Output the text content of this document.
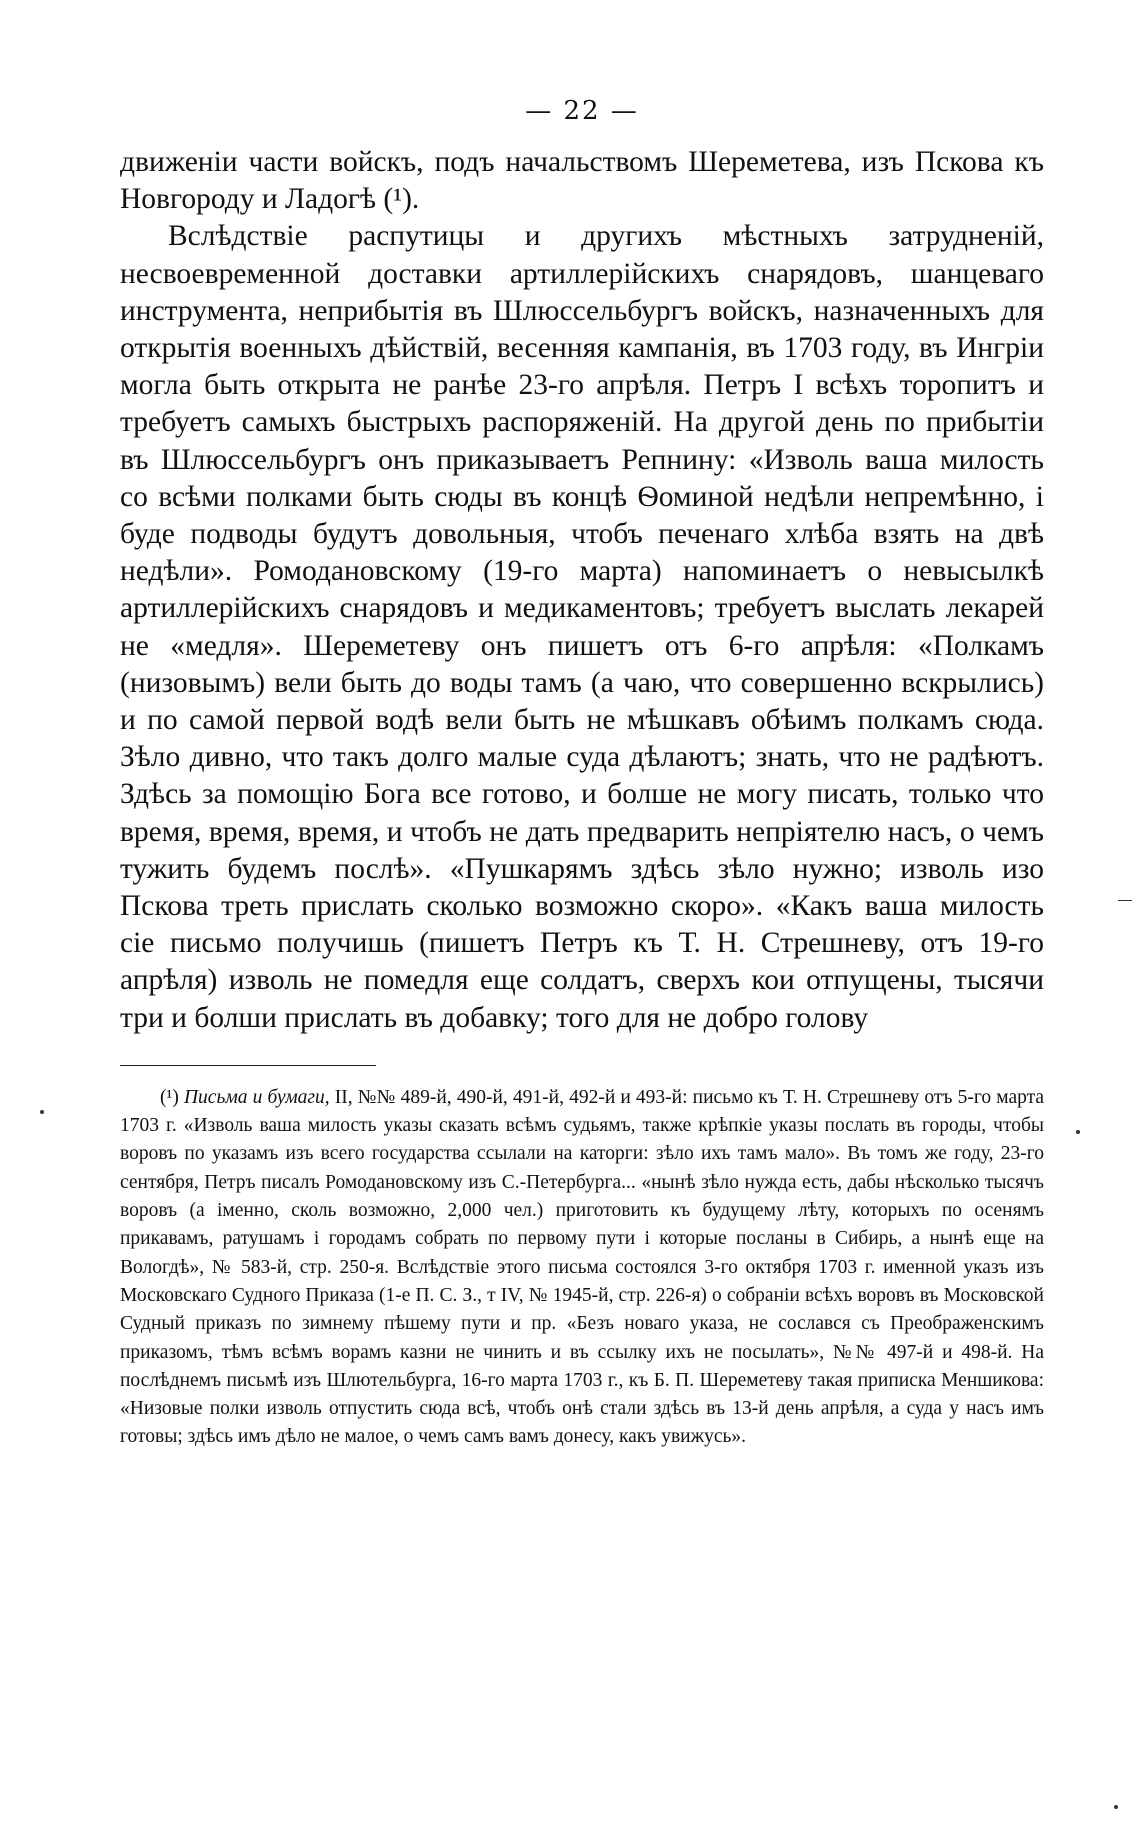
— 22 —

движенiи части войскъ, подъ начальствомъ Шереметева, изъ Пскова къ Новгороду и Ладогѣ (¹).

Вслѣдствiе распутицы и другихъ мѣстныхъ затрудненiй, несвоевременной доставки артиллерiйскихъ снарядовъ, шанцеваго инструмента, неприбытiя въ Шлюссельбургъ войскъ, назначенныхъ для открытiя военныхъ дѣйствiй, весенняя кампанiя, въ 1703 году, въ Ингрiи могла быть открыта не ранѣе 23-го апрѣля. Петръ I всѣхъ торопитъ и требуетъ самыхъ быстрыхъ распоряженiй. На другой день по прибытiи въ Шлюссельбургъ онъ приказываетъ Репнину: «Изволь ваша милость со всѣми полками быть сюды въ концѣ Ѳоминой недѣли непремѣнно, i буде подводы будутъ довольныя, чтобъ печенаго хлѣба взять на двѣ недѣли». Ромодановскому (19-го марта) напоминаетъ о невысылкѣ артиллерiйскихъ снарядовъ и медикаментовъ; требуетъ выслать лекарей не «медля». Шереметеву онъ пишетъ отъ 6-го апрѣля: «Полкамъ (низовымъ) вели быть до воды тамъ (а чаю, что совершенно вскрылись) и по самой первой водѣ вели быть не мѣшкавъ обѣимъ полкамъ сюда. Зѣло дивно, что такъ долго малые суда дѣлаютъ; знать, что не радѣютъ. Здѣсь за помощiю Бога все готово, и болше не могу писать, только что время, время, время, и чтобъ не дать предварить непрiятелю насъ, о чемъ тужить будемъ послѣ». «Пушкарямъ здѣсь зѣло нужно; изволь изо Пскова треть прислать сколько возможно скоро». «Какъ ваша милость сiе письмо получишь (пишетъ Петръ къ Т. Н. Стрешневу, отъ 19-го апрѣля) изволь не помедля еще солдатъ, сверхъ кои отпущены, тысячи три и болши прислать въ добавку; того для не добро голову

(¹) Письма и бумаги, II, №№ 489-й, 490-й, 491-й, 492-й и 493-й: письмо къ Т. Н. Стрешневу отъ 5-го марта 1703 г. «Изволь ваша милость указы сказать всѣмъ судьямъ, также крѣпкiе указы послать въ городы, чтобы воровъ по указамъ изъ всего государства ссылали на каторги: зѣло ихъ тамъ мало». Въ томъ же году, 23-го сентября, Петръ писалъ Ромодановскому изъ С.-Петербурга... «нынѣ зѣло нужда есть, дабы нѣсколько тысячъ воровъ (а iменно, сколь возможно, 2,000 чел.) приготовить къ будущему лѣту, которыхъ по осенямъ прикавамъ, ратушамъ i городамъ собрать по первому пути i которые посланы в Сибирь, а нынѣ еще на Вологдѣ», № 583-й, стр. 250-я. Вслѣдствiе этого письма состоялся 3-го октября 1703 г. именной указъ изъ Московскаго Судного Приказа (1-е П. С. З., т IV, № 1945-й, стр. 226-я) о собранiи всѣхъ воровъ въ Московской Судный приказъ по зимнему пѣшему пути и пр. «Безъ новаго указа, не сослався съ Преображенскимъ приказомъ, тѣмъ всѣмъ ворамъ казни не чинить и въ ссылку ихъ не посылать», №№ 497-й и 498-й. На послѣднемъ письмѣ изъ Шлютельбурга, 16-го марта 1703 г., къ Б. П. Шереметеву такая приписка Меншикова: «Низовые полки изволь отпустить сюда всѣ, чтобъ онѣ стали здѣсь въ 13-й день апрѣля, а суда у насъ имъ готовы; здѣсь имъ дѣло не малое, о чемъ самъ вамъ донесу, какъ увижусь».
